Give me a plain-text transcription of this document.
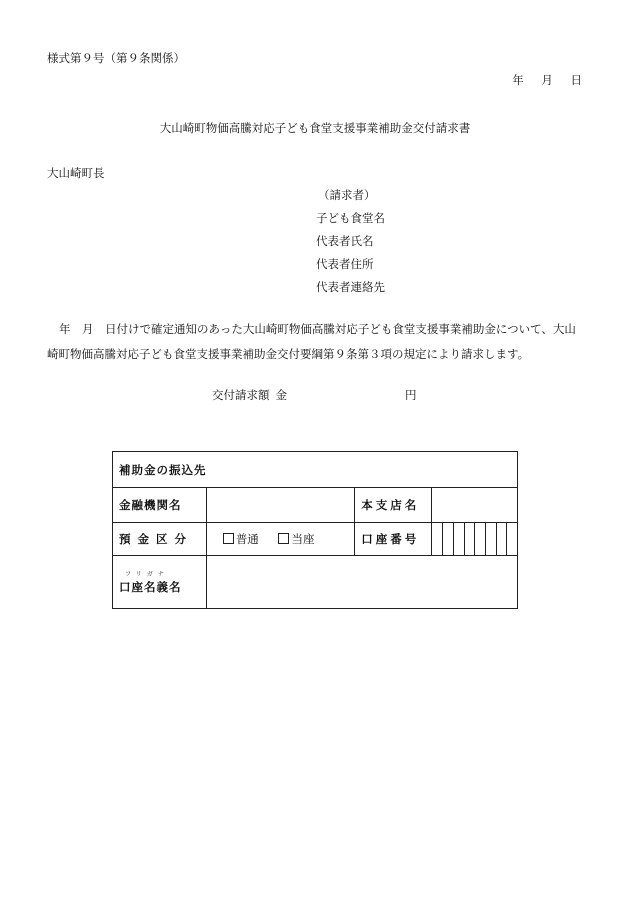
様式第９号（第９条関係）
年 月 日
大山崎町物価高騰対応子ども食堂支援事業補助金交付請求書
大山崎町長
（請求者）
子ども食堂名
代表者氏名
代表者住所
代表者連絡先
年　月　日付けで確定通知のあった大山崎町物価高騰対応子ども食堂支援事業補助金について、大山崎町物価高騰対応子ども食堂支援事業補助金交付要綱第９条第３項の規定により請求します。
交付請求額 金	円
補助金の振込先										
金融機関名		本支店名								
預金区分	普通 当座	口座番号								

フリガナ
口座名義名										
